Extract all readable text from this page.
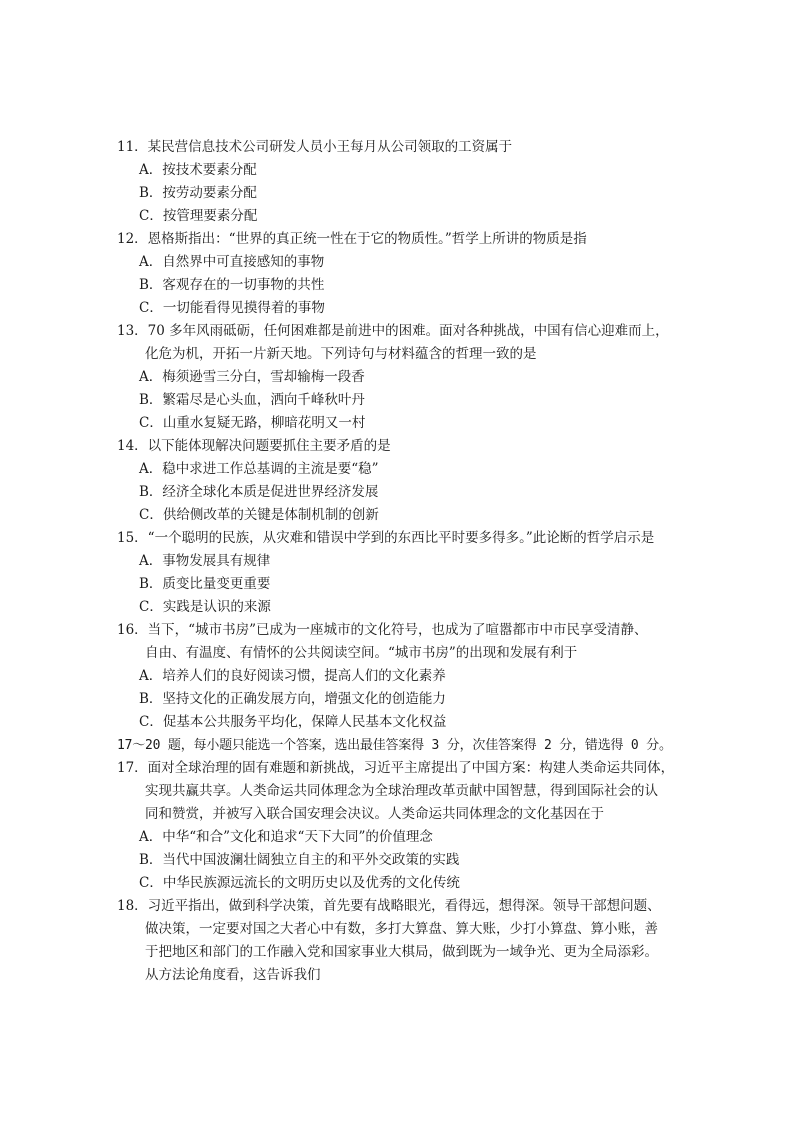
11．某民营信息技术公司研发人员小王每月从公司领取的工资属于
A．按技术要素分配
B．按劳动要素分配
C．按管理要素分配
12．恩格斯指出：“世界的真正统一性在于它的物质性。”哲学上所讲的物质是指
A．自然界中可直接感知的事物
B．客观存在的一切事物的共性
C．一切能看得见摸得着的事物
13．70 多年风雨砥砺，任何困难都是前进中的困难。面对各种挑战，中国有信心迎难而上，
化危为机，开拓一片新天地。下列诗句与材料蕴含的哲理一致的是
A．梅须逊雪三分白，雪却输梅一段香
B．繁霜尽是心头血，洒向千峰秋叶丹
C．山重水复疑无路，柳暗花明又一村
14．以下能体现解决问题要抓住主要矛盾的是
A．稳中求进工作总基调的主流是要“稳”
B．经济全球化本质是促进世界经济发展
C．供给侧改革的关键是体制机制的创新
15．“一个聪明的民族，从灾难和错误中学到的东西比平时要多得多。”此论断的哲学启示是
A．事物发展具有规律
B．质变比量变更重要
C．实践是认识的来源
16．当下，“城市书房”已成为一座城市的文化符号，也成为了喧嚣都市中市民享受清静、
自由、有温度、有情怀的公共阅读空间。“城市书房”的出现和发展有利于
A．培养人们的良好阅读习惯，提高人们的文化素养
B．坚持文化的正确发展方向，增强文化的创造能力
C．促基本公共服务平均化，保障人民基本文化权益
17～20 题，每小题只能选一个答案，选出最佳答案得 3 分，次佳答案得 2 分，错选得 0 分。
17．面对全球治理的固有难题和新挑战，习近平主席提出了中国方案：构建人类命运共同体，
实现共赢共享。人类命运共同体理念为全球治理改革贡献中国智慧，得到国际社会的认
同和赞赏，并被写入联合国安理会决议。人类命运共同体理念的文化基因在于
A．中华“和合”文化和追求“天下大同”的价值理念
B．当代中国波澜壮阔独立自主的和平外交政策的实践
C．中华民族源远流长的文明历史以及优秀的文化传统
18．习近平指出，做到科学决策，首先要有战略眼光，看得远，想得深。领导干部想问题、
做决策，一定要对国之大者心中有数，多打大算盘、算大账，少打小算盘、算小账，善
于把地区和部门的工作融入党和国家事业大棋局，做到既为一域争光、更为全局添彩。
从方法论角度看，这告诉我们
